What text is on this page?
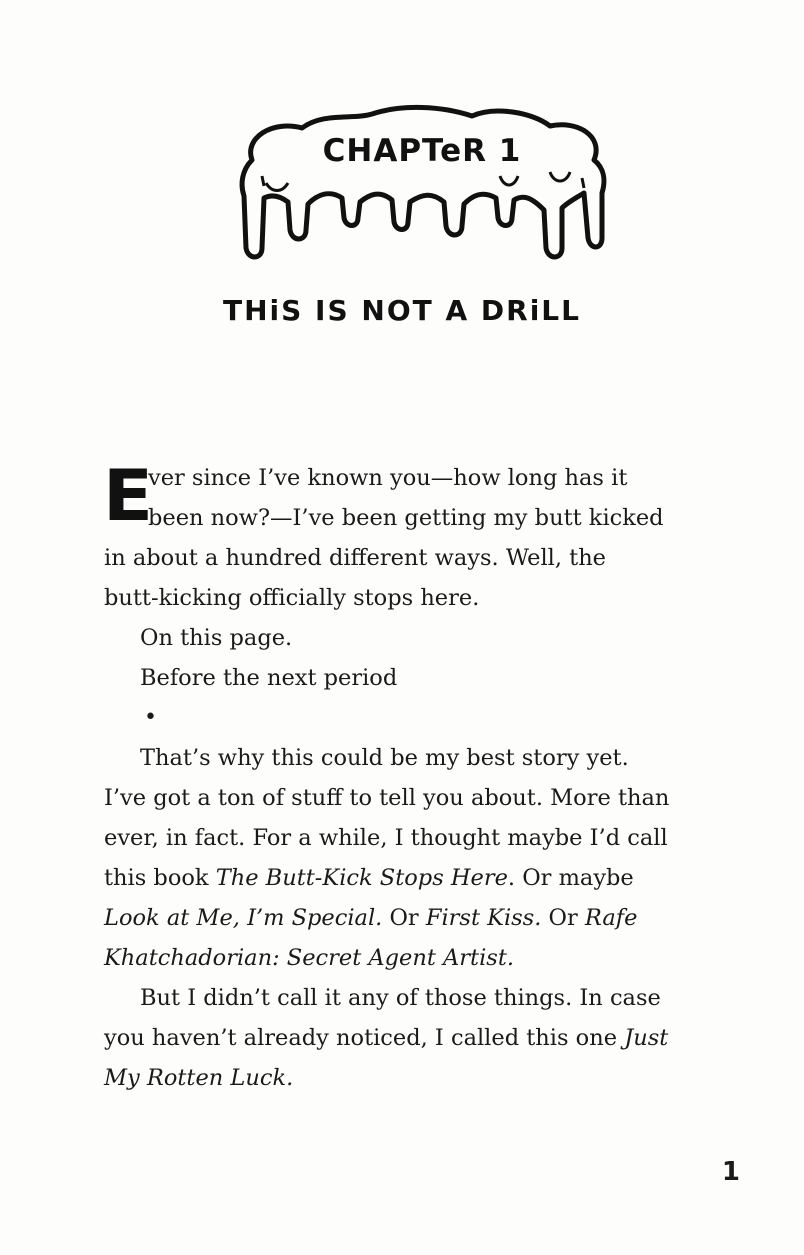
CHAPTeR 1
THiS IS NOT A DRiLL
E
ver since I’ve known you—how long has it
been now?—I’ve been getting my butt kicked
in about a hundred different ways. Well, the
butt-kicking officially stops here.
On this page.
Before the next period
•
That’s why this could be my best story yet.
I’ve got a ton of stuff to tell you about. More than
ever, in fact. For a while, I thought maybe I’d call
this book The Butt-Kick Stops Here. Or maybe
Look at Me, I’m Special. Or First Kiss. Or Rafe
Khatchadorian: Secret Agent Artist.
But I didn’t call it any of those things. In case
you haven’t already noticed, I called this one Just
My Rotten Luck.
1
